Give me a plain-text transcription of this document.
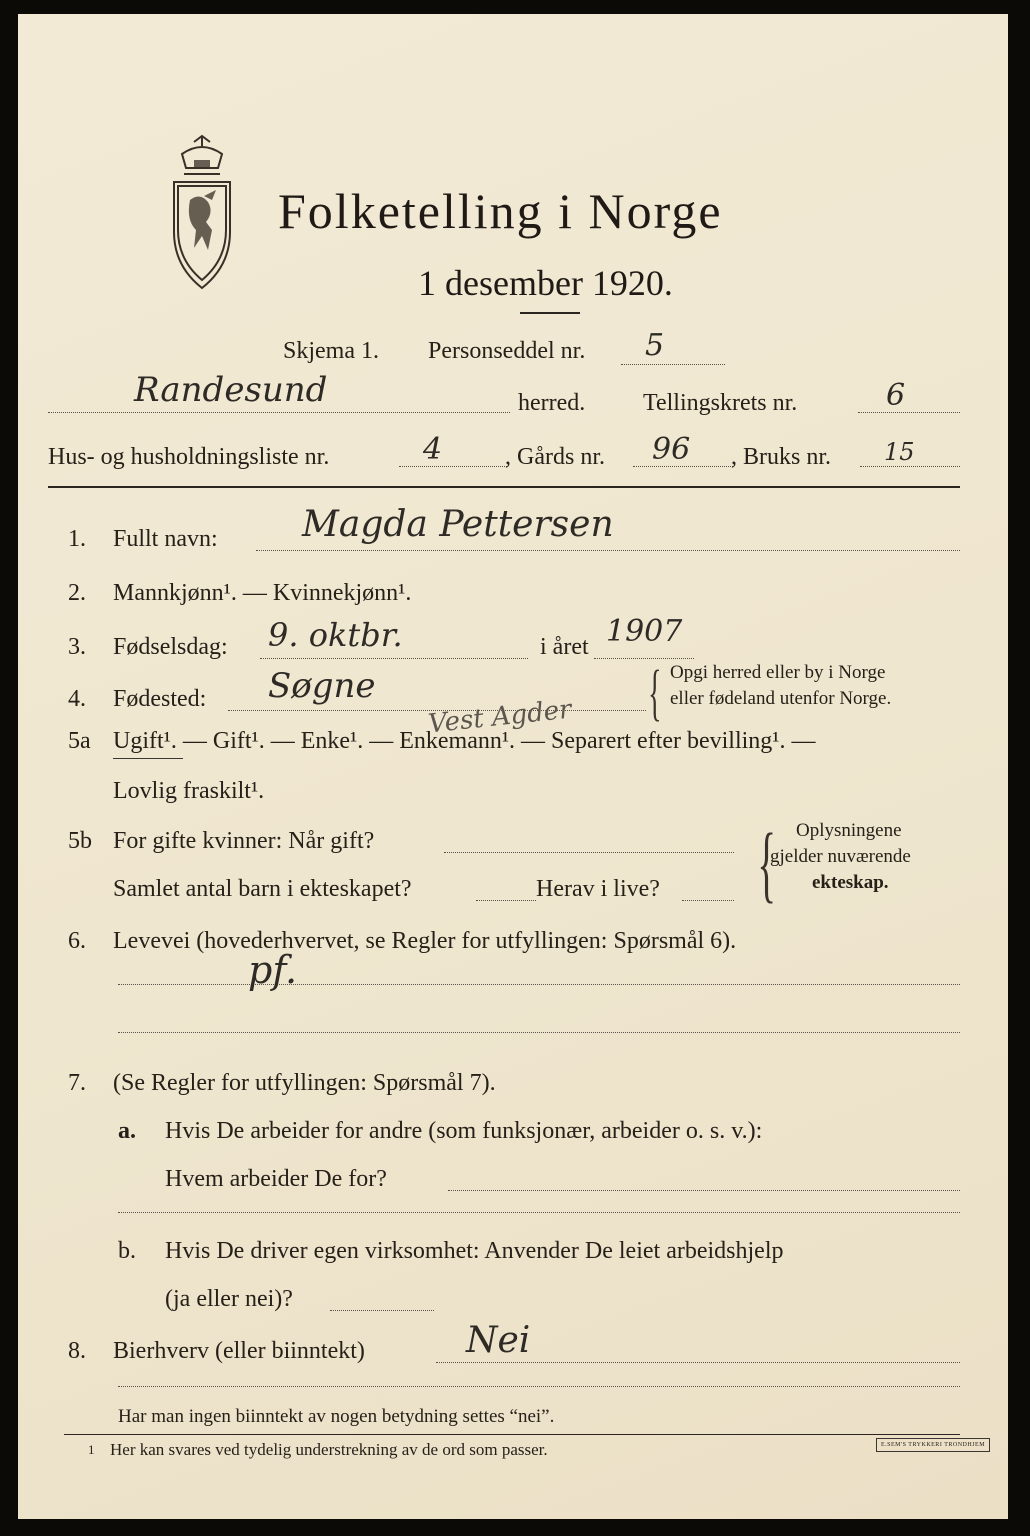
Folketelling i Norge
1 desember 1920.
Skjema 1. Personseddel nr. 5
Randesund	herred. Tellingskrets nr.	6
Hus- og husholdningsliste nr.	4	, Gårds nr. 96 , Bruks nr. 15
1. Fullt navn: Magda Pettersen
2. Mannkjønn¹. — Kvinnekjønn¹.
3. Fødselsdag: 9. oktbr.	i året 1907
4. Fødested: Søgne
Vest Agder { Opgi herred eller by i Norge
eller fødeland utenfor Norge.
5a Ugift¹. — Gift¹. — Enke¹. — Enkemann¹. — Separert efter bevilling¹. —
Lovlig fraskilt¹.
5b For gifte kvinner: Når gift?
Samlet antal barn i ekteskapet?	Herav i live? { Oplysningene
gjelder nuværende
ekteskap.
6. Levevei (hovederhvervet, se Regler for utfyllingen: Spørsmål 6).
pf.
7. (Se Regler for utfyllingen: Spørsmål 7).
a. Hvis De arbeider for andre (som funksjonær, arbeider o. s. v.):
Hvem arbeider De for?
b. Hvis De driver egen virksomhet: Anvender De leiet arbeidshjelp
(ja eller nei)?
8. Bierhverv (eller biinntekt)	Nei
Har man ingen biinntekt av nogen betydning settes “nei”.
1 Her kan svares ved tydelig understrekning av de ord som passer.	E.SEM'S TRYKKERI TRONDHJEM
